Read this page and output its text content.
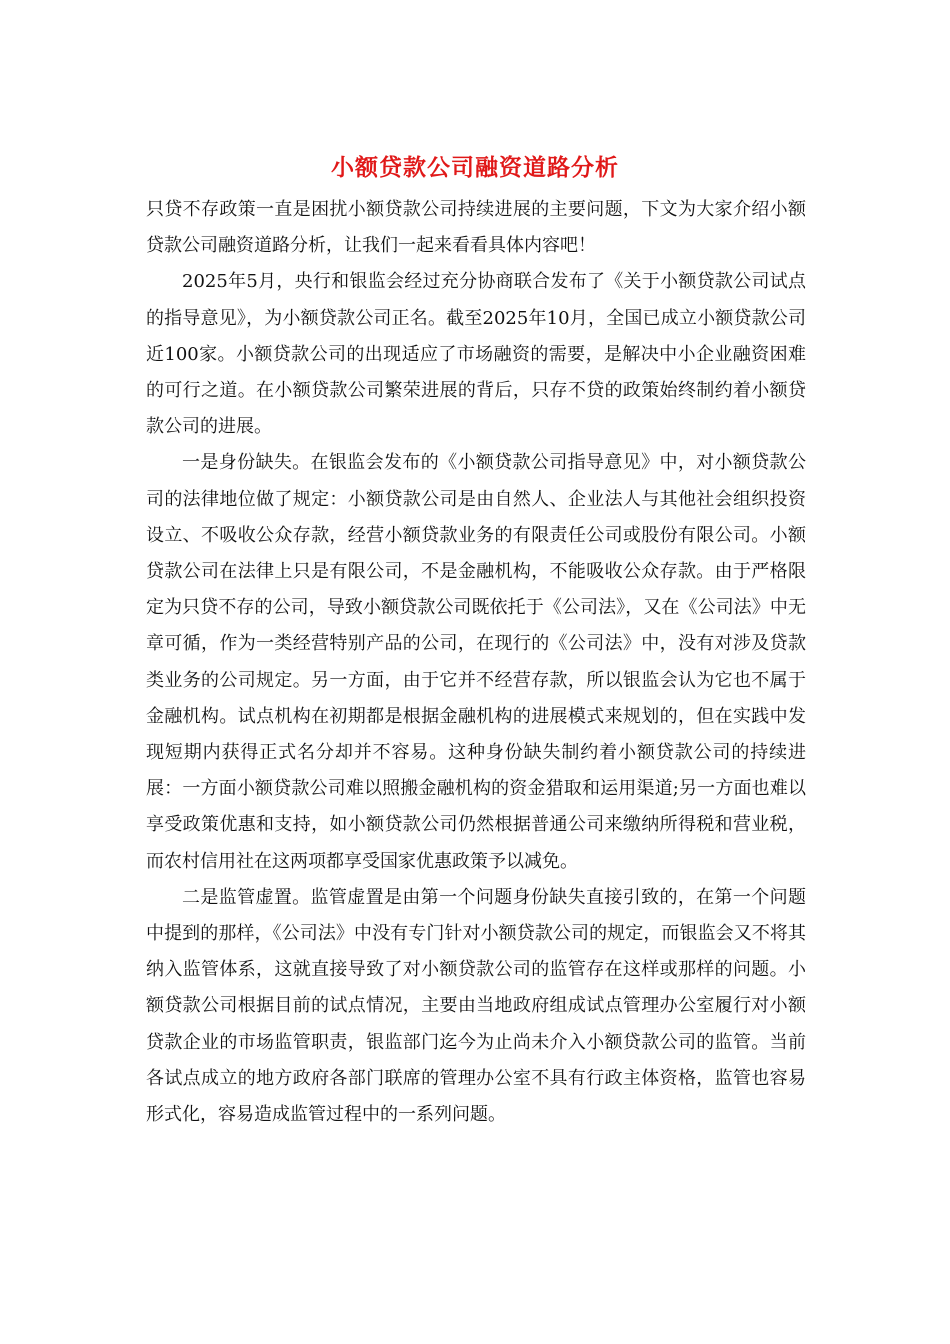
小额贷款公司融资道路分析

只贷不存政策一直是困扰小额贷款公司持续进展的主要问题，下文为大家介绍小额贷款公司融资道路分析，让我们一起来看看具体内容吧！

2025年5月，央行和银监会经过充分协商联合发布了《关于小额贷款公司试点的指导意见》，为小额贷款公司正名。截至2025年10月，全国已成立小额贷款公司近100家。小额贷款公司的出现适应了市场融资的需要，是解决中小企业融资困难的可行之道。在小额贷款公司繁荣进展的背后，只存不贷的政策始终制约着小额贷款公司的进展。

一是身份缺失。在银监会发布的《小额贷款公司指导意见》中，对小额贷款公司的法律地位做了规定：小额贷款公司是由自然人、企业法人与其他社会组织投资设立、不吸收公众存款，经营小额贷款业务的有限责任公司或股份有限公司。小额贷款公司在法律上只是有限公司，不是金融机构，不能吸收公众存款。由于严格限定为只贷不存的公司，导致小额贷款公司既依托于《公司法》，又在《公司法》中无章可循，作为一类经营特别产品的公司，在现行的《公司法》中，没有对涉及贷款类业务的公司规定。另一方面，由于它并不经营存款，所以银监会认为它也不属于金融机构。试点机构在初期都是根据金融机构的进展模式来规划的，但在实践中发现短期内获得正式名分却并不容易。这种身份缺失制约着小额贷款公司的持续进展：一方面小额贷款公司难以照搬金融机构的资金猎取和运用渠道;另一方面也难以享受政策优惠和支持，如小额贷款公司仍然根据普通公司来缴纳所得税和营业税，而农村信用社在这两项都享受国家优惠政策予以减免。

二是监管虚置。监管虚置是由第一个问题身份缺失直接引致的，在第一个问题中提到的那样，《公司法》中没有专门针对小额贷款公司的规定，而银监会又不将其纳入监管体系，这就直接导致了对小额贷款公司的监管存在这样或那样的问题。小额贷款公司根据目前的试点情况，主要由当地政府组成试点管理办公室履行对小额贷款企业的市场监管职责，银监部门迄今为止尚未介入小额贷款公司的监管。当前各试点成立的地方政府各部门联席的管理办公室不具有行政主体资格，监管也容易形式化，容易造成监管过程中的一系列问题。
